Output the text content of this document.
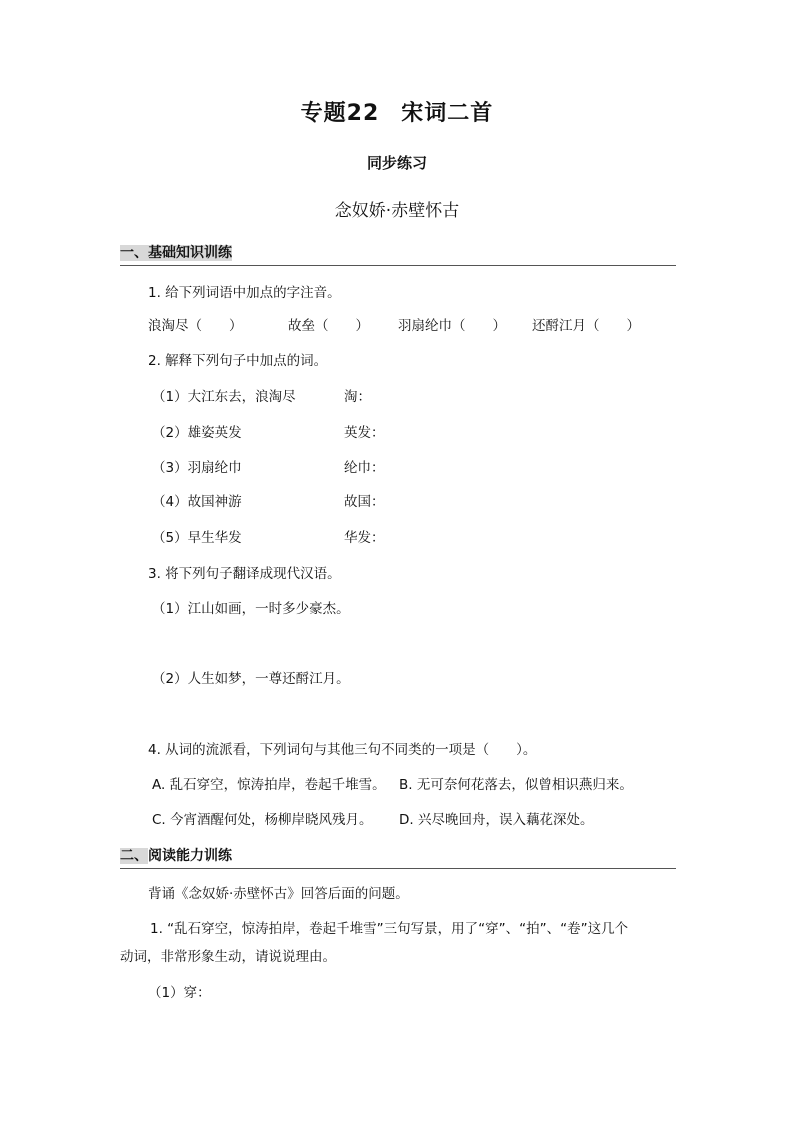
专题22 宋词二首
同步练习
念奴娇·赤壁怀古
一、基础知识训练
1. 给下列词语中加点的字注音。
浪淘尽（　　）	故垒（　　） 羽扇纶巾（　　） 还酹江月（　　）
2. 解释下列句子中加点的词。
（1）大江东去，浪淘尽	淘：
（2）雄姿英发	英发：
（3）羽扇纶巾	纶巾：
（4）故国神游	故国：
（5）早生华发	华发：
3. 将下列句子翻译成现代汉语。
（1）江山如画，一时多少豪杰。
（2）人生如梦，一尊还酹江月。
4. 从词的流派看，下列词句与其他三句不同类的一项是（　　）。
A. 乱石穿空，惊涛拍岸，卷起千堆雪。 B. 无可奈何花落去，似曾相识燕归来。
C. 今宵酒醒何处，杨柳岸晓风残月。 D. 兴尽晚回舟，误入藕花深处。
二、阅读能力训练
背诵《念奴娇·赤壁怀古》回答后面的问题。
1. “乱石穿空，惊涛拍岸，卷起千堆雪”三句写景，用了“穿”、“拍”、“卷”这几个
动词，非常形象生动，请说说理由。
（1）穿：
